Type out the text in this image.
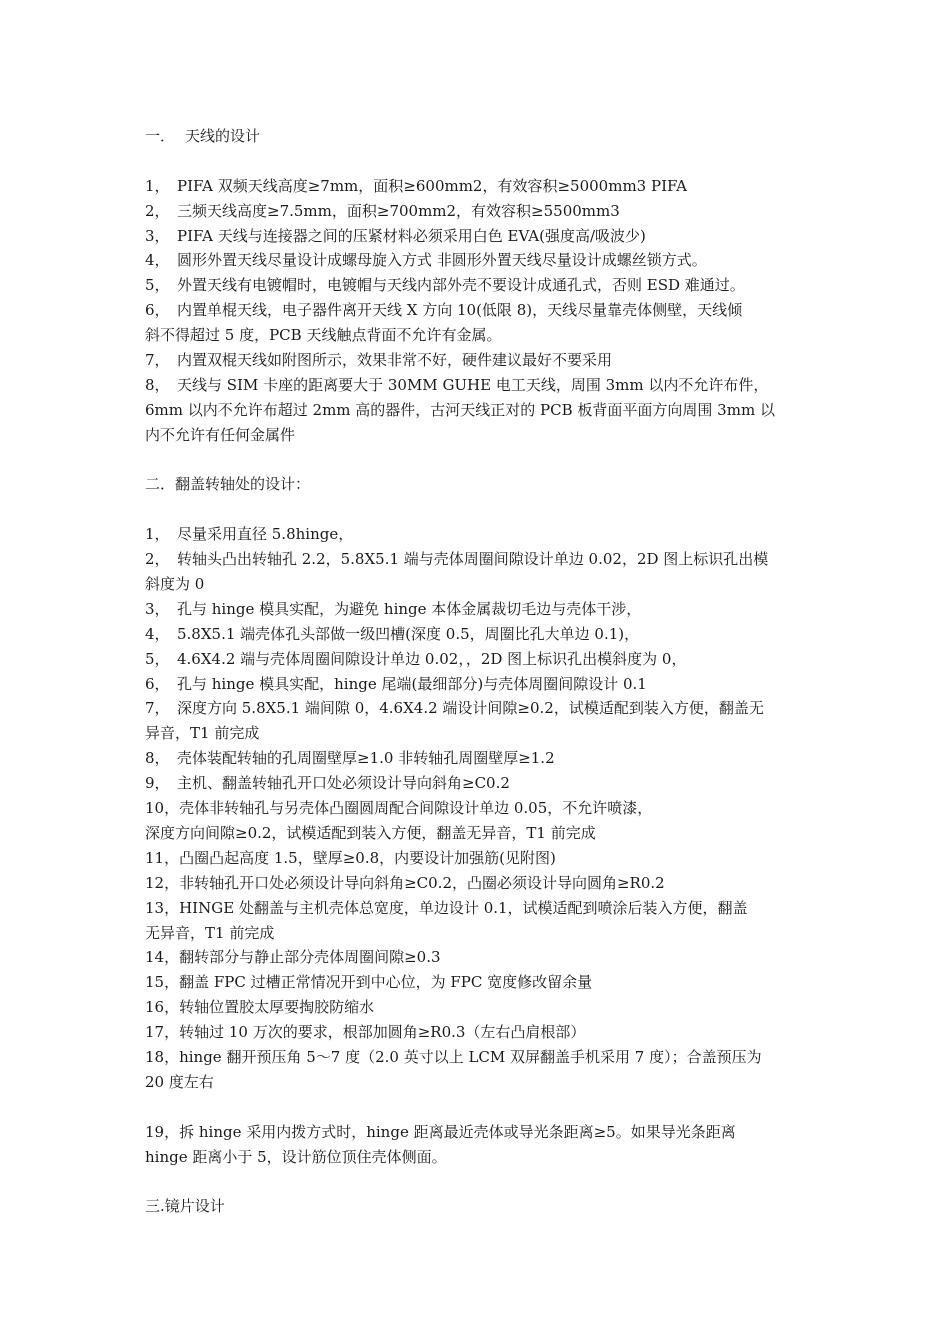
一． 天线的设计
1， PIFA 双频天线高度≥7mm，面积≥600mm2，有效容积≥5000mm3 PIFA
2， 三频天线高度≥7.5mm，面积≥700mm2，有效容积≥5500mm3
3， PIFA 天线与连接器之间的压紧材料必须采用白色 EVA(强度高/吸波少)
4， 圆形外置天线尽量设计成螺母旋入方式 非圆形外置天线尽量设计成螺丝锁方式。
5， 外置天线有电镀帽时，电镀帽与天线内部外壳不要设计成通孔式，否则 ESD 难通过。
6， 内置单棍天线，电子器件离开天线 X 方向 10(低限 8)，天线尽量靠壳体侧壁，天线倾
斜不得超过 5 度，PCB 天线触点背面不允许有金属。
7， 内置双棍天线如附图所示，效果非常不好，硬件建议最好不要采用
8， 天线与 SIM 卡座的距离要大于 30MM GUHE 电工天线，周围 3mm 以内不允许布件，
6mm 以内不允许布超过 2mm 高的器件，古河天线正对的 PCB 板背面平面方向周围 3mm 以
内不允许有任何金属件
二．翻盖转轴处的设计：
1， 尽量采用直径 5.8hinge，
2， 转轴头凸出转轴孔 2.2，5.8X5.1 端与壳体周圈间隙设计单边 0.02，2D 图上标识孔出模
斜度为 0
3， 孔与 hinge 模具实配，为避免 hinge 本体金属裁切毛边与壳体干涉，
4， 5.8X5.1 端壳体孔头部做一级凹槽(深度 0.5，周圈比孔大单边 0.1)，
5， 4.6X4.2 端与壳体周圈间隙设计单边 0.02，，2D 图上标识孔出模斜度为 0，
6， 孔与 hinge 模具实配，hinge 尾端(最细部分)与壳体周圈间隙设计 0.1
7， 深度方向 5.8X5.1 端间隙 0，4.6X4.2 端设计间隙≥0.2，试模适配到装入方便，翻盖无
异音，T1 前完成
8， 壳体装配转轴的孔周圈壁厚≥1.0 非转轴孔周圈壁厚≥1.2
9， 主机、翻盖转轴孔开口处必须设计导向斜角≥C0.2
10，壳体非转轴孔与另壳体凸圈圆周配合间隙设计单边 0.05，不允许喷漆，
深度方向间隙≥0.2，试模适配到装入方便，翻盖无异音，T1 前完成
11，凸圈凸起高度 1.5，壁厚≥0.8，内要设计加强筋(见附图)
12，非转轴孔开口处必须设计导向斜角≥C0.2，凸圈必须设计导向圆角≥R0.2
13，HINGE 处翻盖与主机壳体总宽度，单边设计 0.1，试模适配到喷涂后装入方便，翻盖
无异音，T1 前完成
14，翻转部分与静止部分壳体周圈间隙≥0.3
15，翻盖 FPC 过槽正常情况开到中心位，为 FPC 宽度修改留余量
16，转轴位置胶太厚要掏胶防缩水
17，转轴过 10 万次的要求，根部加圆角≥R0.3（左右凸肩根部）
18，hinge 翻开预压角 5～7 度（2.0 英寸以上 LCM 双屏翻盖手机采用 7 度）；合盖预压为
20 度左右
19，拆 hinge 采用内拨方式时，hinge 距离最近壳体或导光条距离≥5。如果导光条距离
hinge 距离小于 5，设计筋位顶住壳体侧面。
三.镜片设计
